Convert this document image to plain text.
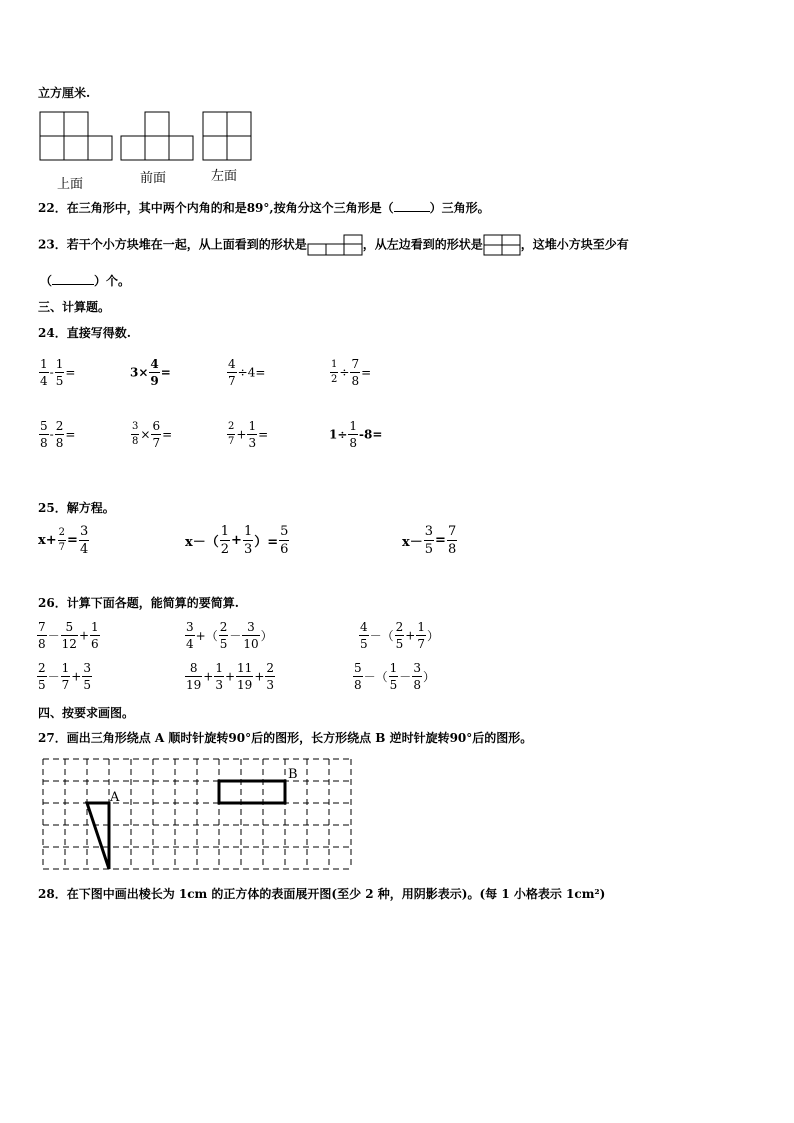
立方厘米.
上面	前面	左面
22．在三角形中，其中两个内角的和是89°,按角分这个三角形是（	）三角形。
23．若干个小方块堆在一起，从上面看到的形状是	，从左边看到的形状是	，这堆小方块至少有
（	）个。
三、计算题。
24．直接写得数.
$\frac{1}{4} - \frac{1}{5}$ =	$3\times \frac{4}{9}$ =	$\frac{4}{7} \div 4=$	$\frac{1}{2} \div \frac{7}{8}$ =
$\frac{5}{8} - \frac{2}{8}$ =	$\frac{3}{8} \times \frac{6}{7}$ =	$\frac{2}{7} + \frac{1}{3}$ =	$1\div \frac{1}{8} -8=$
25．解方程。
$x+ \frac{2}{7} = \frac{3}{4}$	$x-( \frac{1}{2} + \frac{1}{3}$ ）= $\frac{5}{6}$	$x- \frac{3}{5} = \frac{7}{8}$
26．计算下面各题，能简算的要简算.
$\frac{7}{8} - \frac{5}{12} + \frac{1}{6}$	$\frac{3}{4}$ +（ $\frac{2}{5} - \frac{3}{10}$ ）	$\frac{4}{5}$ －（ $\frac{2}{5} + \frac{1}{7}$ ）
$\frac{2}{5} - \frac{1}{7} + \frac{3}{5}$	$\frac{8}{19} + \frac{1}{3} + \frac{11}{19} + \frac{2}{3}$	$\frac{5}{8}$ －（ $\frac{1}{5} - \frac{3}{8}$ ）
四、按要求画图。
27．画出三角形绕点 A 顺时针旋转90°后的图形，长方形绕点 B 逆时针旋转90°后的图形。
A
B
28．在下图中画出棱长为 1cm 的正方体的表面展开图(至少 2 种，用阴影表示)。(每 1 小格表示 1cm²)
